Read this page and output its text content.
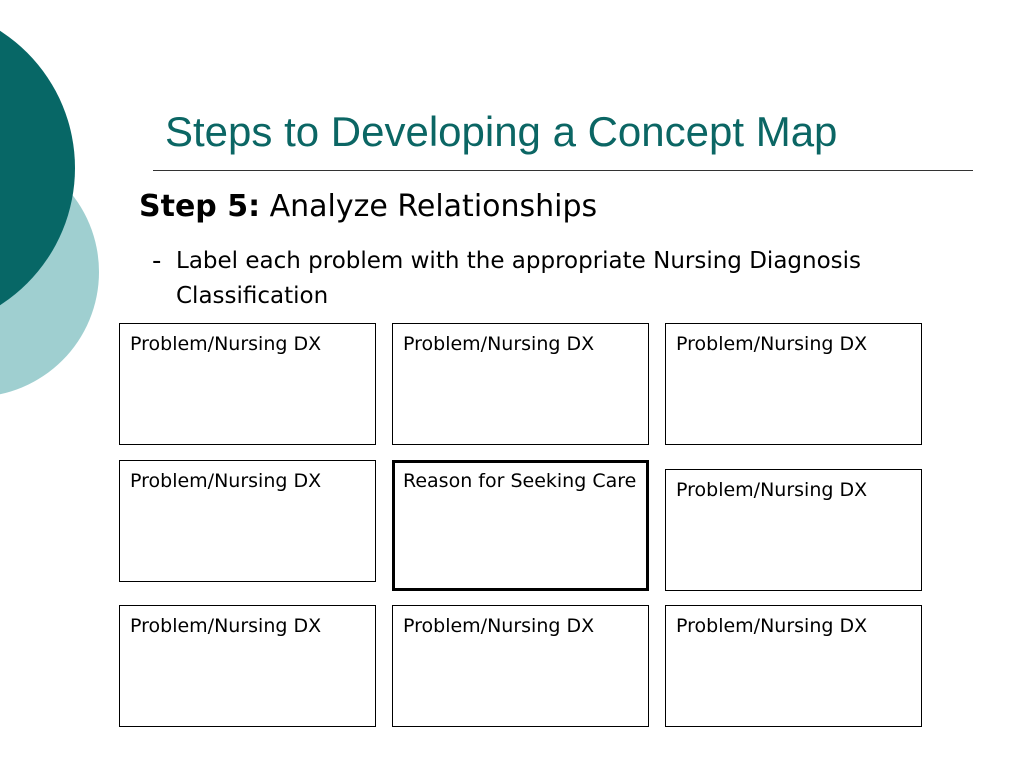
Steps to Developing a Concept Map
Step 5: Analyze Relationships
- Label each problem with the appropriate Nursing Diagnosis Classification
Problem/Nursing DX	Problem/Nursing DX	Problem/Nursing DX
Problem/Nursing DX	Reason for Seeking Care	Problem/Nursing DX
Problem/Nursing DX	Problem/Nursing DX	Problem/Nursing DX
